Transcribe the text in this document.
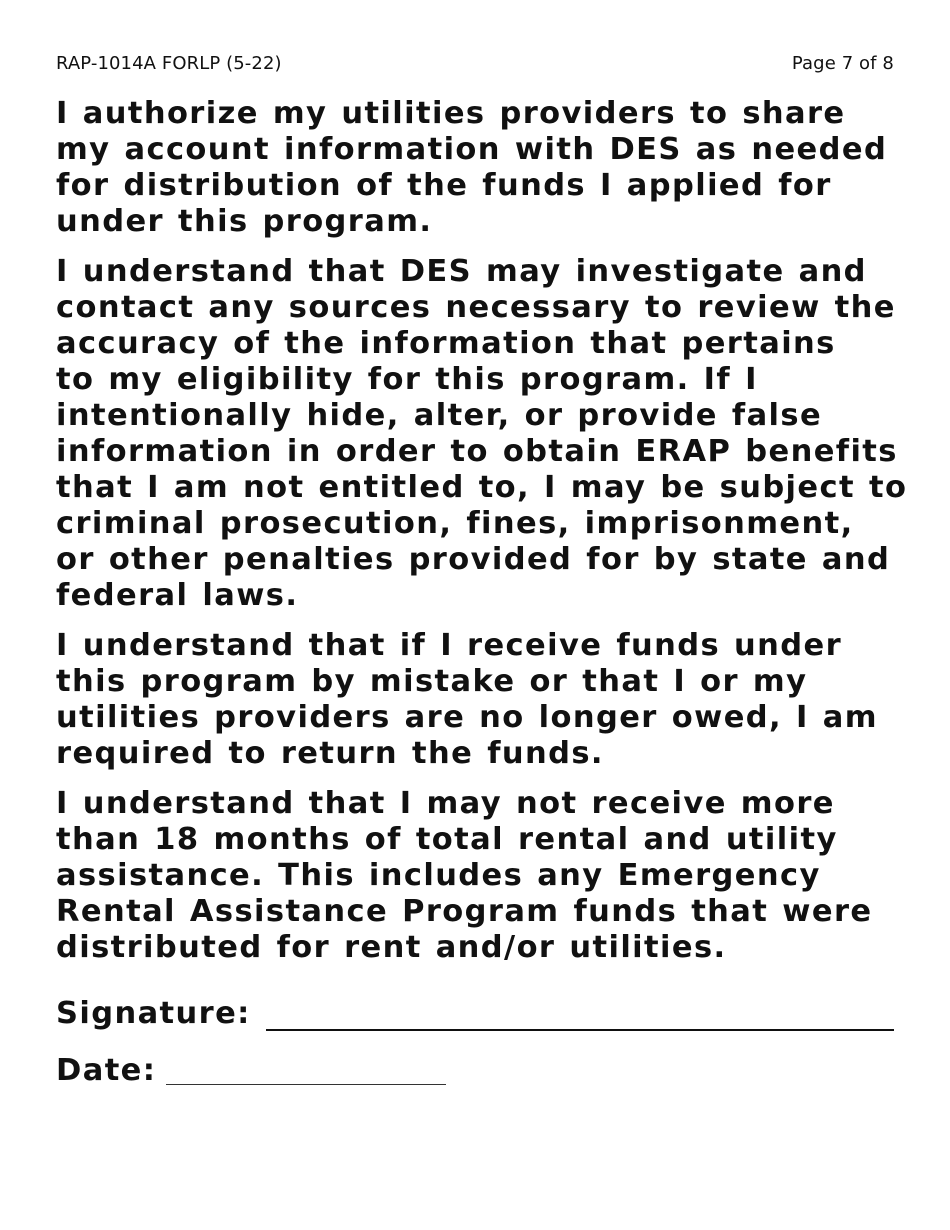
RAP-1014A FORLP (5-22)	Page 7 of 8

I authorize my utilities providers to share
my account information with DES as needed
for distribution of the funds I applied for
under this program.

I understand that DES may investigate and
contact any sources necessary to review the
accuracy of the information that pertains
to my eligibility for this program. If I
intentionally hide, alter, or provide false
information in order to obtain ERAP benefits
that I am not entitled to, I may be subject to
criminal prosecution, fines, imprisonment,
or other penalties provided for by state and
federal laws.

I understand that if I receive funds under
this program by mistake or that I or my
utilities providers are no longer owed, I am
required to return the funds.

I understand that I may not receive more
than 18 months of total rental and utility
assistance. This includes any Emergency
Rental Assistance Program funds that were
distributed for rent and/or utilities.

Signature:
Date:
